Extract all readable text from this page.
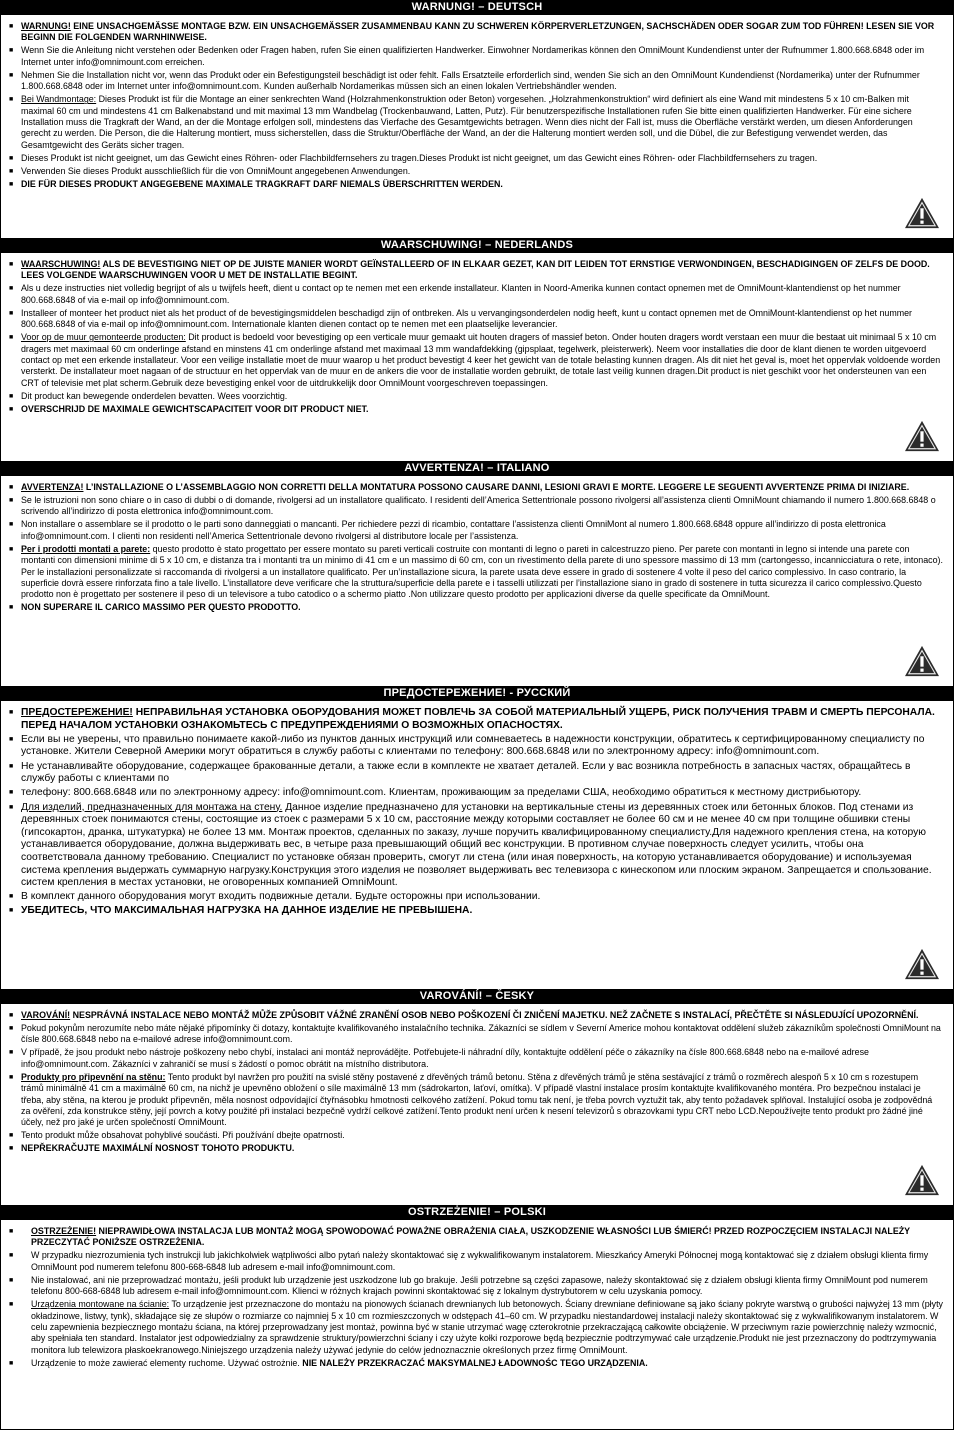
WARNUNG! – DEUTSCH
■ WARNUNG! EINE UNSACHGEMÄSSE MONTAGE BZW. EIN UNSACHGEMÄSSER ZUSAMMENBAU KANN ZU SCHWEREN KÖRPERVERLETZUNGEN, SACHSCHÄDEN ODER SOGAR ZUM TOD FÜHREN! LESEN SIE VOR BEGINN DIE FOLGENDEN WARNHINWEISE.
■ Wenn Sie die Anleitung nicht verstehen oder Bedenken oder Fragen haben, rufen Sie einen qualifizierten Handwerker. Einwohner Nordamerikas können den OmniMount Kundendienst unter der Rufnummer 1.800.668.6848 oder im Internet unter info@omnimount.com erreichen.
■ Nehmen Sie die Installation nicht vor, wenn das Produkt oder ein Befestigungsteil beschädigt ist oder fehlt. Falls Ersatzteile erforderlich sind, wenden Sie sich an den OmniMount Kundendienst (Nordamerika) unter der Rufnummer 1.800.668.6848 oder im Internet unter info@omnimount.com. Kunden außerhalb Nordamerikas müssen sich an einen lokalen Vertriebshändler wenden.
■ Bei Wandmontage: Dieses Produkt ist für die Montage an einer senkrechten Wand (Holzrahmenkonstruktion oder Beton) vorgesehen. „Holzrahmenkonstruktion“ wird definiert als eine Wand mit mindestens 5 x 10 cm-Balken mit maximal 60 cm und mindestens 41 cm Balkenabstand und mit maximal 13 mm Wandbelag (Trockenbauwand, Latten, Putz). Für benutzerspezifische Installationen rufen Sie bitte einen qualifizierten Handwerker. Für eine sichere Installation muss die Tragkraft der Wand, an der die Montage erfolgen soll, mindestens das Vierfache des Gesamtgewichts betragen. Wenn dies nicht der Fall ist, muss die Oberfläche verstärkt werden, um diesen Anforderungen gerecht zu werden. Die Person, die die Halterung montiert, muss sicherstellen, dass die Struktur/Oberfläche der Wand, an der die Halterung montiert werden soll, und die Dübel, die zur Befestigung verwendet werden, das Gesamtgewicht des Geräts sicher tragen.
■ Dieses Produkt ist nicht geeignet, um das Gewicht eines Röhren- oder Flachbildfernsehers zu tragen.Dieses Produkt ist nicht geeignet, um das Gewicht eines Röhren- oder Flachbildfernsehers zu tragen.
■ Verwenden Sie dieses Produkt ausschließlich für die von OmniMount angegebenen Anwendungen.
■ DIE FÜR DIESES PRODUKT ANGEGEBENE MAXIMALE TRAGKRAFT DARF NIEMALS ÜBERSCHRITTEN WERDEN.
WAARSCHUWING! – NEDERLANDS
■ WAARSCHUWING! ALS DE BEVESTIGING NIET OP DE JUISTE MANIER WORDT GEÏNSTALLEERD OF IN ELKAAR GEZET, KAN DIT LEIDEN TOT ERNSTIGE VERWONDINGEN, BESCHADIGINGEN OF ZELFS DE DOOD. LEES VOLGENDE WAARSCHUWINGEN VOOR U MET DE INSTALLATIE BEGINT.
■ Als u deze instructies niet volledig begrijpt of als u twijfels heeft, dient u contact op te nemen met een erkende installateur. Klanten in Noord-Amerika kunnen contact opnemen met de OmniMount-klantendienst op het nummer 800.668.6848 of via e-mail op info@omnimount.com.
■ Installeer of monteer het product niet als het product of de bevestigingsmiddelen beschadigd zijn of ontbreken. Als u vervangingsonderdelen nodig heeft, kunt u contact opnemen met de OmniMount-klantendienst op het nummer 800.668.6848 of via e-mail op info@omnimount.com. Internationale klanten dienen contact op te nemen met een plaatselijke leverancier.
■ Voor op de muur gemonteerde producten: Dit product is bedoeld voor bevestiging op een verticale muur gemaakt uit houten dragers of massief beton. Onder houten dragers wordt verstaan een muur die bestaat uit minimaal 5 x 10 cm dragers met maximaal 60 cm onderlinge afstand en minstens 41 cm onderlinge afstand met maximaal 13 mm wandafdekking (gipsplaat, tegelwerk, pleisterwerk). Neem voor installaties die door de klant dienen te worden uitgevoerd contact op met een erkende installateur. Voor een veilige installatie moet de muur waarop u het product bevestigt 4 keer het gewicht van de totale belasting kunnen dragen. Als dit niet het geval is, moet het oppervlak voldoende worden versterkt. De installateur moet nagaan of de structuur en het oppervlak van de muur en de ankers die voor de installatie worden gebruikt, de totale last veilig kunnen dragen.Dit product is niet geschikt voor het ondersteunen van een CRT of televisie met plat scherm.Gebruik deze bevestiging enkel voor de uitdrukkelijk door OmniMount voorgeschreven toepassingen.
■ Dit product kan bewegende onderdelen bevatten. Wees voorzichtig.
■ OVERSCHRIJD DE MAXIMALE GEWICHTSCAPACITEIT VOOR DIT PRODUCT NIET.
AVVERTENZA! – ITALIANO
■ AVVERTENZA! L’INSTALLAZIONE O L’ASSEMBLAGGIO NON CORRETTI DELLA MONTATURA POSSONO CAUSARE DANNI, LESIONI GRAVI E MORTE. LEGGERE LE SEGUENTI AVVERTENZE PRIMA DI INIZIARE.
■ Se le istruzioni non sono chiare o in caso di dubbi o di domande, rivolgersi ad un installatore qualificato. I residenti dell’America Settentrionale possono rivolgersi all’assistenza clienti OmniMount chiamando il numero 1.800.668.6848 o scrivendo all’indirizzo di posta elettronica info@omnimount.com.
■ Non installare o assemblare se il prodotto o le parti sono danneggiati o mancanti. Per richiedere pezzi di ricambio, contattare l’assistenza clienti OmniMont al numero 1.800.668.6848 oppure all’indirizzo di posta elettronica info@omnimount.com. I clienti non residenti nell’America Settentrionale devono rivolgersi al distributore locale per l’assistenza.
■ Per i prodotti montati a parete: questo prodotto è stato progettato per essere montato su pareti verticali costruite con montanti di legno o pareti in calcestruzzo pieno. Per parete con montanti in legno si intende una parete con montanti con dimensioni minime di 5 x 10 cm, e distanza tra i montanti tra un minimo di 41 cm e un massimo di 60 cm, con un rivestimento della parete di uno spessore massimo di 13 mm (cartongesso, incannicciatura o rete, intonaco). Per le installazioni personalizzate si raccomanda di rivolgersi a un installatore qualificato. Per un’installazione sicura, la parete usata deve essere in grado di sostenere 4 volte il peso del carico complessivo. In caso contrario, la superficie dovrà essere rinforzata fino a tale livello. L’installatore deve verificare che la struttura/superficie della parete e i tasselli utilizzati per l’installazione siano in grado di sostenere in tutta sicurezza il carico complessivo.Questo prodotto non è progettato per sostenere il peso di un televisore a tubo catodico o a schermo piatto .Non utilizzare questo prodotto per applicazioni diverse da quelle specificate da OmniMount.
■ NON SUPERARE IL CARICO MASSIMO PER QUESTO PRODOTTO.
ПРЕДОСТЕРЕЖЕНИЕ! - РУССКИЙ
■ ПРЕДОСТЕРЕЖЕНИЕ! НЕПРАВИЛЬНАЯ УСТАНОВКА ОБОРУДОВАНИЯ МОЖЕТ ПОВЛЕЧЬ ЗА СОБОЙ МАТЕРИАЛЬНЫЙ УЩЕРБ, РИСК ПОЛУЧЕНИЯ ТРАВМ И СМЕРТЬ ПЕРСОНАЛА. ПЕРЕД НАЧАЛОМ УСТАНОВКИ ОЗНАКОМЬТЕСЬ С ПРЕДУПРЕЖДЕНИЯМИ О ВОЗМОЖНЫХ ОПАСНОСТЯХ.
■ Если вы не уверены, что правильно понимаете какой-либо из пунктов данных инструкций или сомневаетесь в надежности конструкции, обратитесь к сертифицированному специалисту по установке. Жители Северной Америки могут обратиться в службу работы с клиентами по телефону: 800.668.6848 или по электронному адресу: info@omnimount.com.
■ Не устанавливайте оборудование, содержащее бракованные детали, а также если в комплекте не хватает деталей. Если у вас возникла потребность в запасных частях, обращайтесь в службу работы с клиентами по
■ телефону: 800.668.6848 или по электронному адресу: info@omnimount.com. Клиентам, проживающим за пределами США, необходимо обратиться к местному дистрибьютору.
■ Для изделий, предназначенных для монтажа на стену. Данное изделие предназначено для установки на вертикальные стены из деревянных стоек или бетонных блоков. Под стенами из деревянных стоек понимаются стены, состоящие из стоек с размерами 5 х 10 см, расстояние между которыми составляет не более 60 см и не менее 40 см при толщине обшивки стены (гипсокартон, дранка, штукатурка) не более 13 мм. Монтаж проектов, сделанных по заказу, лучше поручить квалифицированному специалисту.Для надежного крепления стена, на которую устанавливается оборудование, должна выдерживать вес, в четыре раза превышающий общий вес конструкции. В противном случае поверхность следует усилить, чтобы она соответствовала данному требованию. Специалист по установке обязан проверить, смогут ли стена (или иная поверхность, на которую устанавливается оборудование) и используемая система крепления выдержать суммарную нагрузку.Конструкция этого изделия не позволяет выдерживать вес телевизора с кинескопом или плоским экраном. Запрещается и спользование. систем крепления в местах установки, не оговоренных компанией OmniMount.
■ В комплект данного оборудования могут входить подвижные детали. Будьте осторожны при использовании.
■ УБЕДИТЕСЬ, ЧТО МАКСИМАЛЬНАЯ НАГРУЗКА НА ДАННОЕ ИЗДЕЛИЕ НЕ ПРЕВЫШЕНА.
VAROVÁNÍ! – ČESKY
■ VAROVÁNÍ! NESPRÁVNÁ INSTALACE NEBO MONTÁŽ MŮŽE ZPŮSOBIT VÁŽNÉ ZRANĚNÍ OSOB NEBO POŠKOZENÍ ČI ZNIČENÍ MAJETKU. NEŽ ZAČNETE S INSTALACÍ, PŘEČTĚTE SI NÁSLEDUJÍCÍ UPOZORNĚNÍ.
■ Pokud pokynům nerozumíte nebo máte nějaké připomínky či dotazy, kontaktujte kvalifikovaného instalačního technika. Zákazníci se sídlem v Severní Americe mohou kontaktovat oddělení služeb zákazníkům společnosti OmniMount na čísle 800.668.6848 nebo na e-mailové adrese info@omnimount.com.
■ V případě, že jsou produkt nebo nástroje poškozeny nebo chybí, instalaci ani montáž neprovádějte. Potřebujete-li náhradní díly, kontaktujte oddělení péče o zákazníky na čísle 800.668.6848 nebo na e-mailové adrese info@omnimount.com. Zákazníci v zahraničí se musí s žádostí o pomoc obrátit na místního distributora.
■ Produkty pro připevnění na stěnu: Tento produkt byl navržen pro použití na svislé stěny postavené z dřevěných trámů betonu. Stěna z dřevěných trámů je stěna sestávající z trámů o rozměrech alespoň 5 x 10 cm s rozestupem trámů minimálně 41 cm a maximálně 60 cm, na nichž je upevněno obložení o síle maximálně 13 mm (sádrokarton, laťoví, omítka). V případě vlastní instalace prosím kontaktujte kvalifikovaného montéra. Pro bezpečnou instalaci je třeba, aby stěna, na kterou je produkt připevněn, měla nosnost odpovídající čtyřnásobku hmotnosti celkového zatížení. Pokud tomu tak není, je třeba povrch vyztužit tak, aby tento požadavek splňoval. Instalující osoba je zodpovědná za ověření, zda konstrukce stěny, její povrch a kotvy použité při instalaci bezpečně vydrží celkové zatížení.Tento produkt není určen k nesení televizorů s obrazovkami typu CRT nebo LCD.Nepoužívejte tento produkt pro žádné jiné účely, než pro jaké je určen společností OmniMount.
■ Tento produkt může obsahovat pohyblivé součásti. Při používání dbejte opatrnosti.
■ NEPŘEKRAČUJTE MAXIMÁLNÍ NOSNOST TOHOTO PRODUKTU.
OSTRZEŻENIE! – POLSKI
■ OSTRZEŻENIE! NIEPRAWIDŁOWA INSTALACJA LUB MONTAŻ MOGĄ SPOWODOWAĆ POWAŻNE OBRAŻENIA CIAŁA, USZKODZENIE WŁASNOŚCI LUB ŚMIERĆ! PRZED ROZPOCZĘCIEM INSTALACJI NALEŻY PRZECZYTAĆ PONIŻSZE OSTRZEŻENIA.
■ W przypadku niezrozumienia tych instrukcji lub jakichkolwiek wątpliwości albo pytań należy skontaktować się z wykwalifikowanym instalatorem. Mieszkańcy Ameryki Północnej mogą kontaktować się z działem obsługi klienta firmy OmniMount pod numerem telefonu 800-668-6848 lub adresem e-mail info@omnimount.com.
■ Nie instalować, ani nie przeprowadzać montażu, jeśli produkt lub urządzenie jest uszkodzone lub go brakuje. Jeśli potrzebne są części zapasowe, należy skontaktować się z działem obsługi klienta firmy OmniMount pod numerem telefonu 800-668-6848 lub adresem e-mail info@omnimount.com. Klienci w różnych krajach powinni skontaktować się z lokalnym dystrybutorem w celu uzyskania pomocy.
■ Urządzenia montowane na ścianie: To urządzenie jest przeznaczone do montażu na pionowych ścianach drewnianych lub betonowych. Ściany drewniane definiowane są jako ściany pokryte warstwą o grubości najwyżej 13 mm (płyty okładzinowe, listwy, tynk), składające się ze słupów o rozmiarze co najmniej 5 x 10 cm rozmieszczonych w odstępach 41–60 cm. W przypadku niestandardowej instalacji należy skontaktować się z wykwalifikowanym instalatorem. W celu zapewnienia bezpiecznego montażu ściana, na której przeprowadzany jest montaż, powinna być w stanie utrzymać wagę czterokrotnie przekraczającą całkowite obciążenie. W przeciwnym razie powierzchnię należy wzmocnić, aby spełniała ten standard. Instalator jest odpowiedzialny za sprawdzenie struktury/powierzchni ściany i czy użyte kołki rozporowe będą bezpiecznie podtrzymywać całe urządzenie.Produkt nie jest przeznaczony do podtrzymywania monitora lub telewizora płaskoekranowego.Niniejszego urządzenia należy używać jedynie do celów jednoznacznie określonych przez firmę OmniMount.
■ Urządzenie to może zawierać elementy ruchome. Używać ostrożnie. NIE NALEŻY PRZEKRACZAĆ MAKSYMALNEJ ŁADOWNOŚC TEGO URZĄDZENIA.
